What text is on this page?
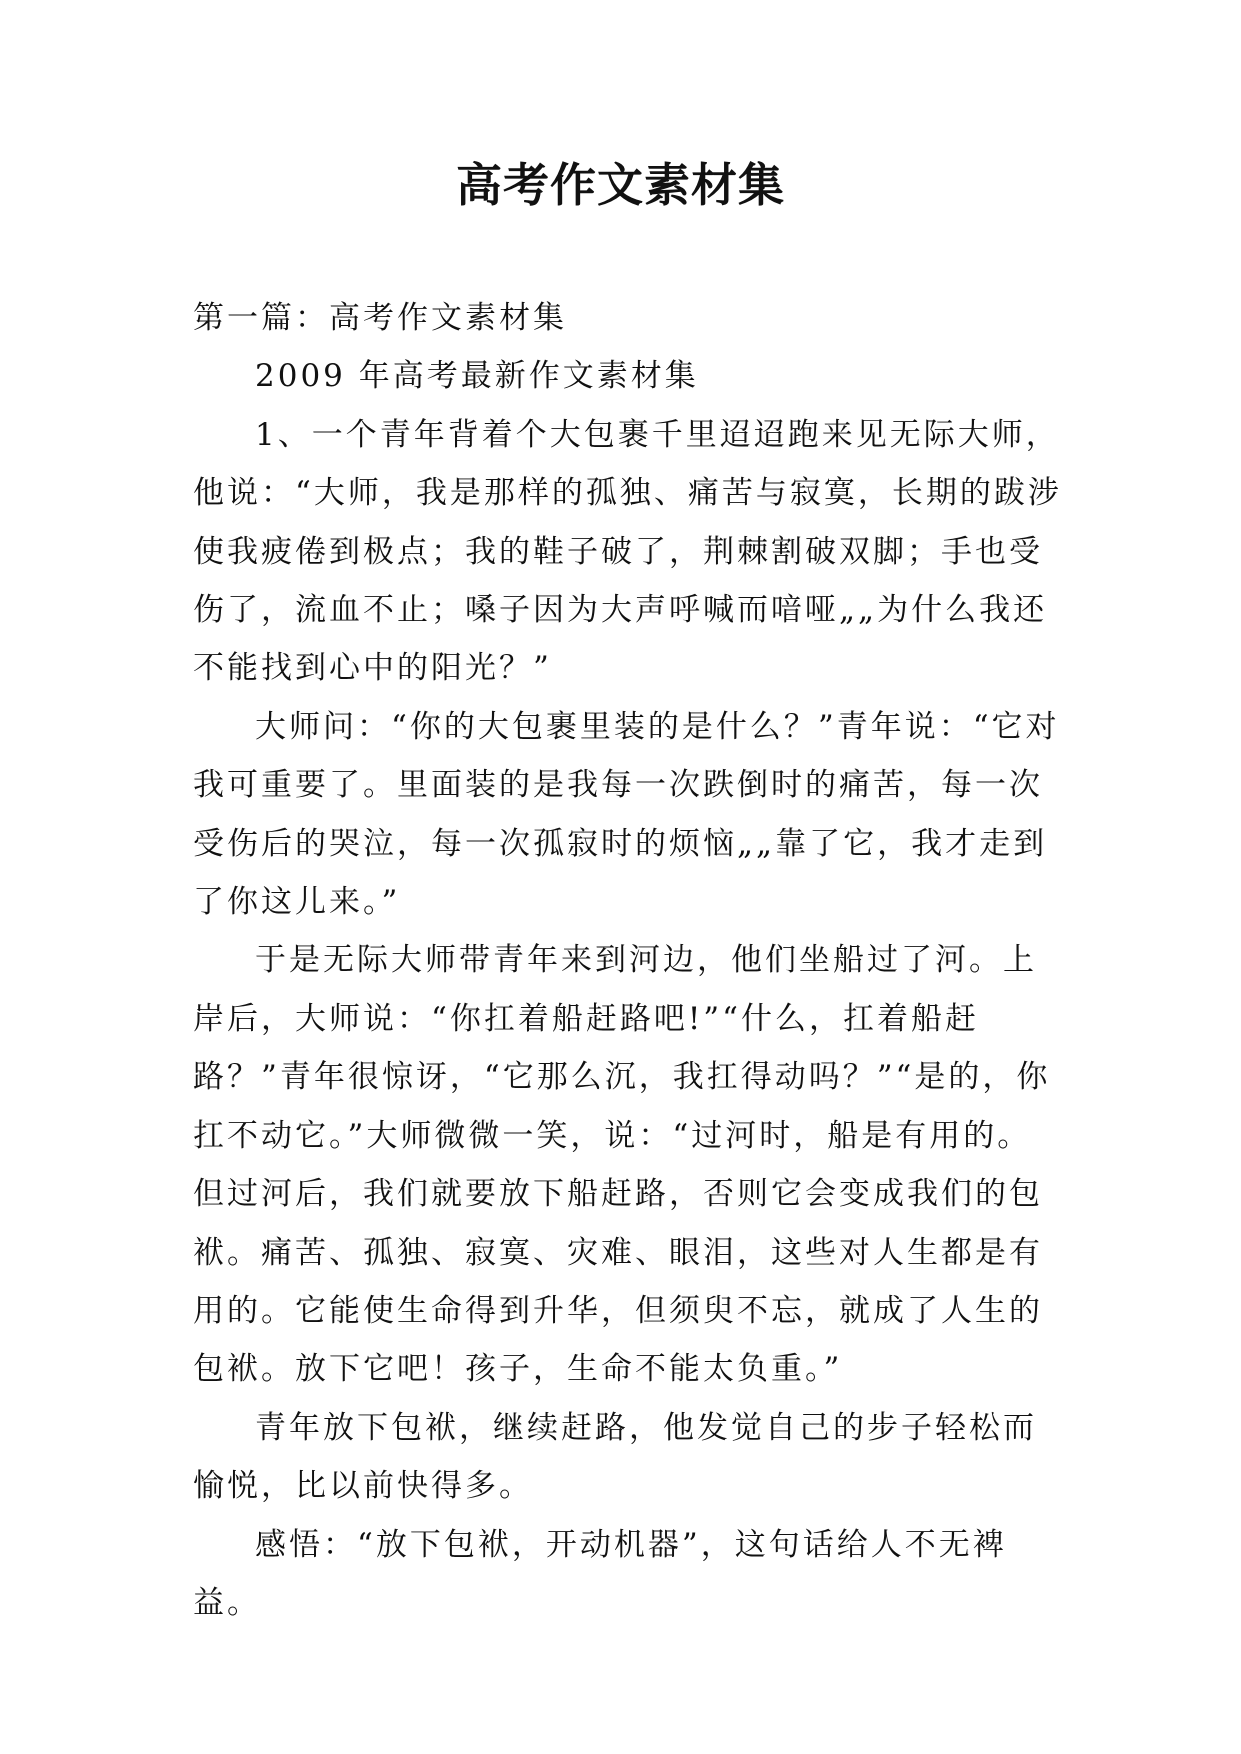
高考作文素材集

第一篇：高考作文素材集

2009 年高考最新作文素材集

1、一个青年背着个大包裹千里迢迢跑来见无际大师，他说：“大师，我是那样的孤独、痛苦与寂寞，长期的跋涉使我疲倦到极点；我的鞋子破了，荆棘割破双脚；手也受伤了，流血不止；嗓子因为大声呼喊而喑哑„„为什么我还不能找到心中的阳光？”

大师问：“你的大包裹里装的是什么？”青年说：“它对我可重要了。里面装的是我每一次跌倒时的痛苦，每一次受伤后的哭泣，每一次孤寂时的烦恼„„靠了它，我才走到了你这儿来。”

于是无际大师带青年来到河边，他们坐船过了河。上岸后，大师说：“你扛着船赶路吧!”“什么，扛着船赶路？”青年很惊讶，“它那么沉，我扛得动吗？”“是的，你扛不动它。”大师微微一笑，说：“过河时，船是有用的。但过河后，我们就要放下船赶路，否则它会变成我们的包袱。痛苦、孤独、寂寞、灾难、眼泪，这些对人生都是有用的。它能使生命得到升华，但须臾不忘，就成了人生的包袱。放下它吧！孩子，生命不能太负重。”

青年放下包袱，继续赶路，他发觉自己的步子轻松而愉悦，比以前快得多。

感悟：“放下包袱，开动机器”，这句话给人不无裨益。
